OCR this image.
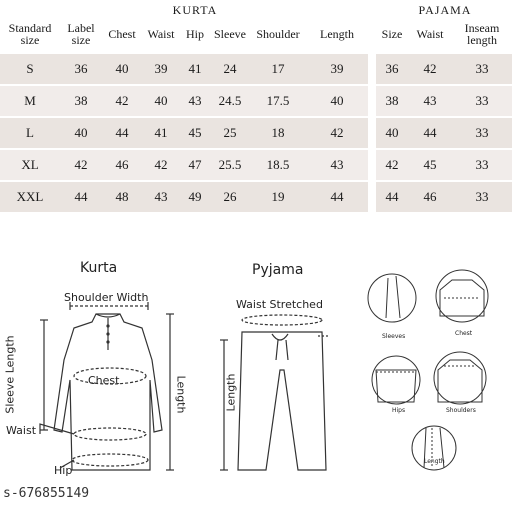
KURTA	PAJAMA
Standard size	Label size	Chest	Waist	Hip	Sleeve	Shoulder	Length
S	36	40	39	41	24	17	39
M	38	42	40	43	24.5	17.5	40
L	40	44	41	45	25	18	42
XL	42	46	42	47	25.5	18.5	43
XXL	44	48	43	49	26	19	44
Size	Waist	Inseam length
36	42	33
38	43	33
40	44	33
42	45	33
44	46	33
Kurta
Shoulder Width
Chest
Waist
Hip
Sleeve Length	Length
Pyjama
Waist Stretched
Length
Sleeves	Chest
Hips	Shoulders
Length
s-676855149
